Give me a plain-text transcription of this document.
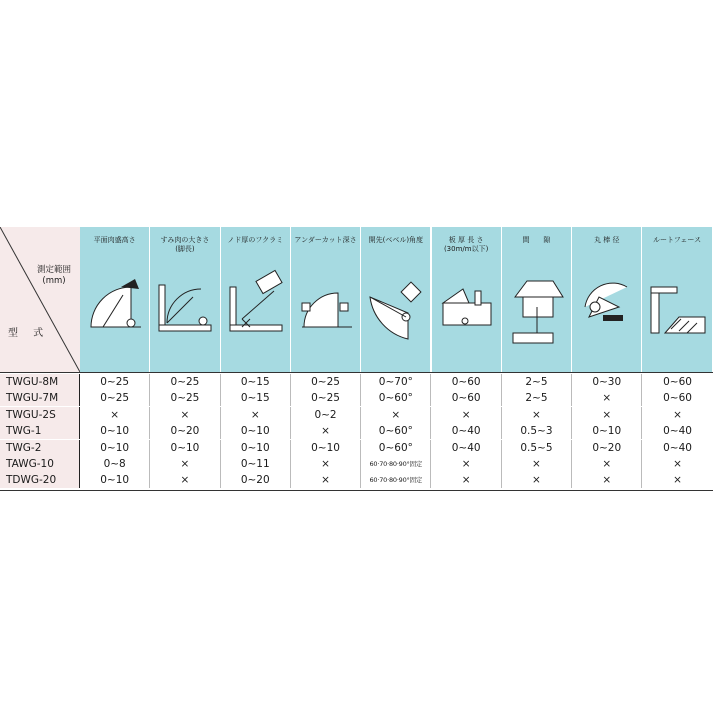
測定範囲
(mm)
型 式
平面肉盛高さ	すみ肉の大きさ
(脚長)
ノド厚のフクラミ	アンダーカット深さ	開先(ベベル)角度	板 厚 長 さ
(30m/m以下)
間　　隙	丸 棒 径	ルートフェース
TWGU-8M	0~25	0~25	0~15	0~25	0~70°	0~60	2~5	0~30	0~60
TWGU-7M	0~25	0~25	0~15	0~25	0~60°	0~60	2~5	×	0~60
TWGU-2S	×	×	×	0~2	×	×	×	×	×
TWG-1	0~10	0~20	0~10	×	0~60°	0~40	0.5~3	0~10	0~40
TWG-2	0~10	0~10	0~10	0~10	0~60°	0~40	0.5~5	0~20	0~40
TAWG-10	0~8	×	0~11	×	60·70·80·90°固定	×	×	×	×
TDWG-20	0~10	×	0~20	×	60·70·80·90°固定	×	×	×	×
